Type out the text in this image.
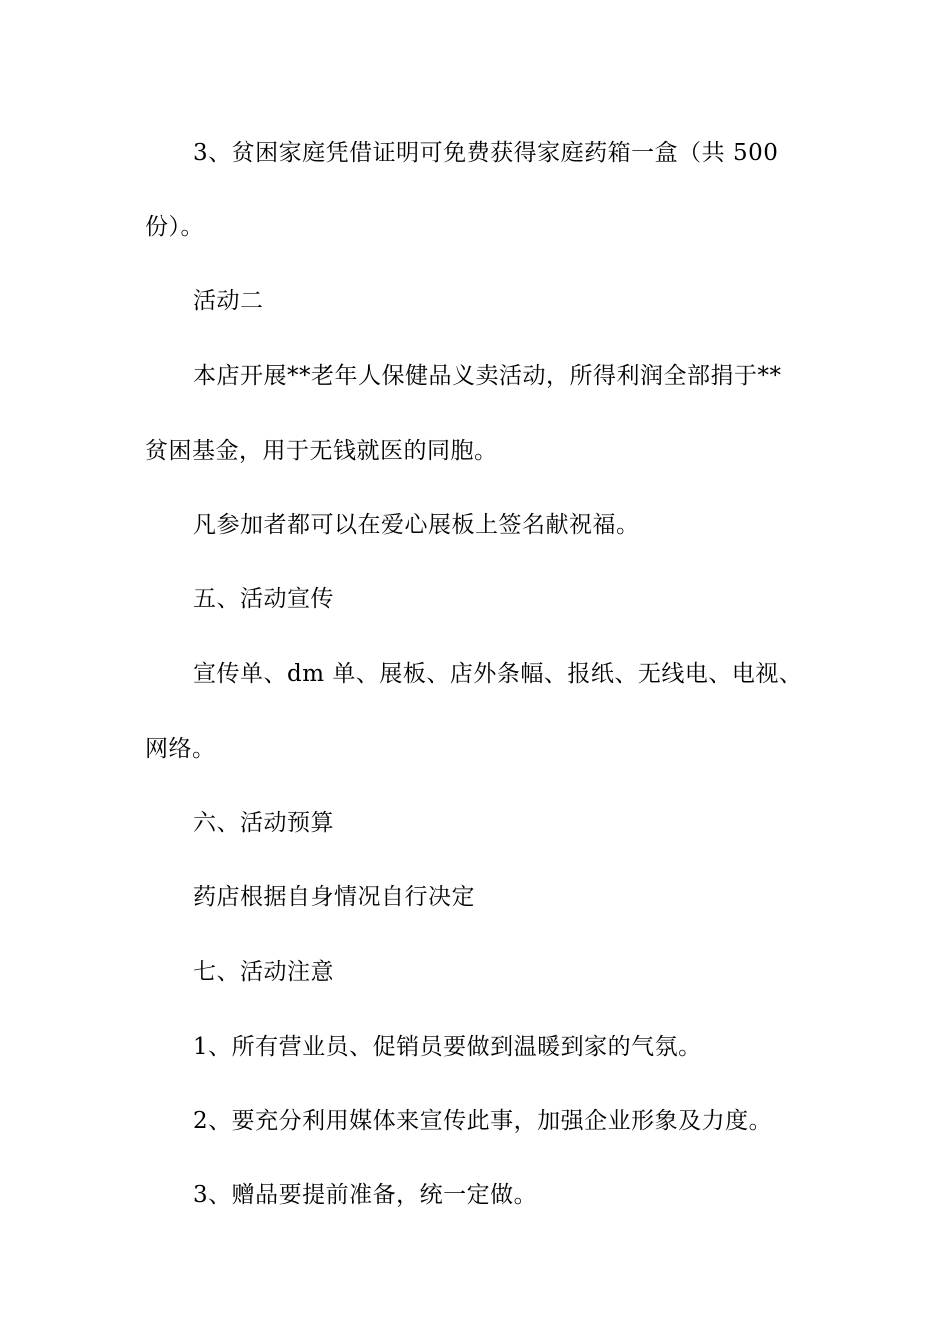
3、贫困家庭凭借证明可免费获得家庭药箱一盒（共 500
份）。
活动二
本店开展**老年人保健品义卖活动，所得利润全部捐于**
贫困基金，用于无钱就医的同胞。
凡参加者都可以在爱心展板上签名献祝福。
五、活动宣传
宣传单、dm 单、展板、店外条幅、报纸、无线电、电视、
网络。
六、活动预算
药店根据自身情况自行决定
七、活动注意
1、所有营业员、促销员要做到温暖到家的气氛。
2、要充分利用媒体来宣传此事，加强企业形象及力度。
3、赠品要提前准备，统一定做。
